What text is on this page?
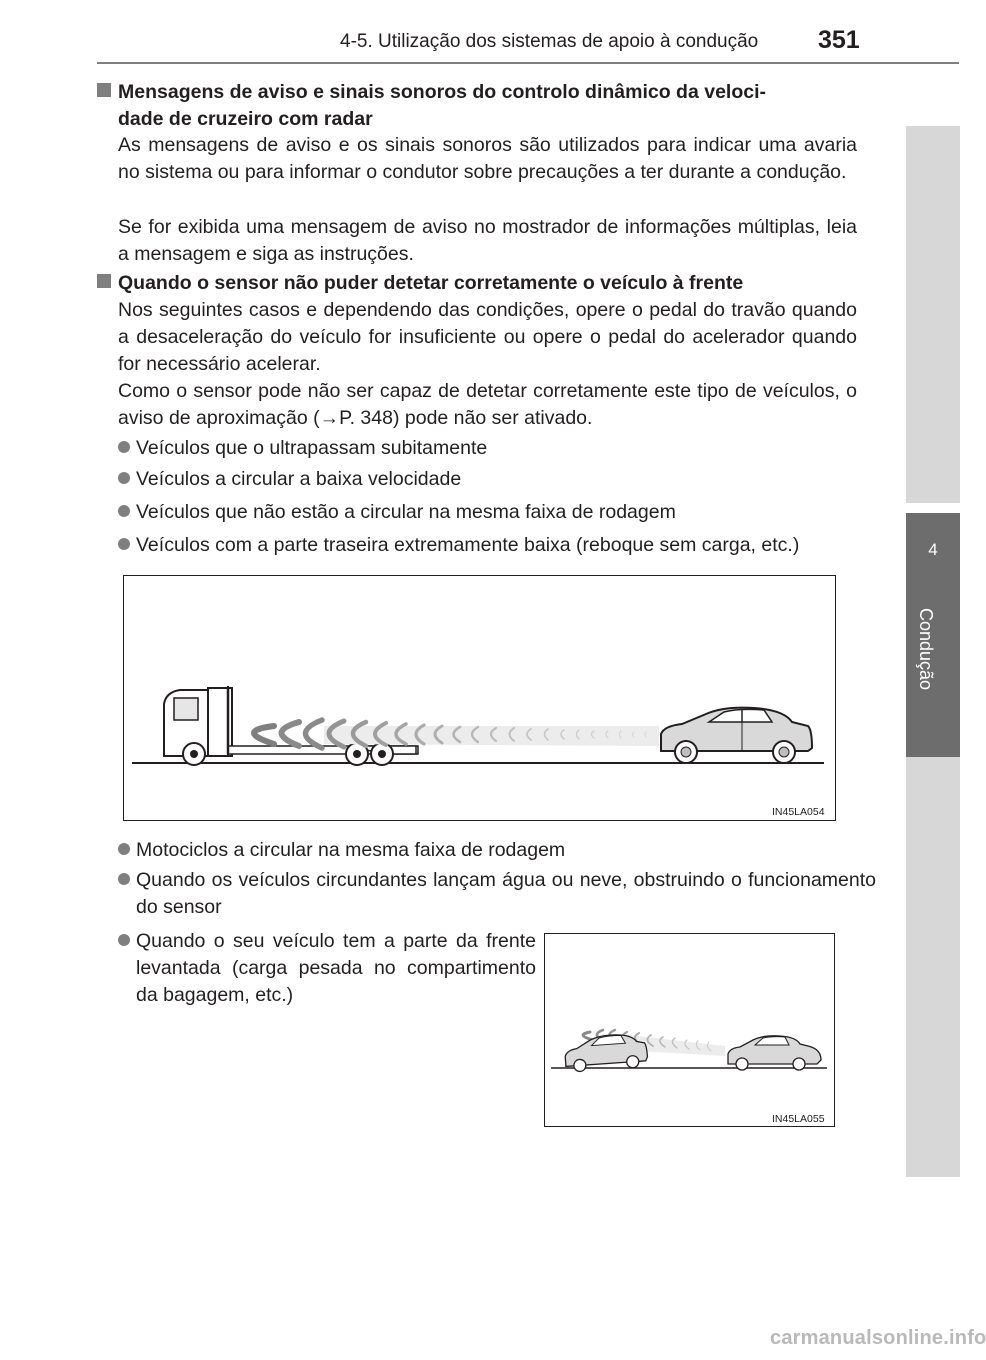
4-5. Utilização dos sistemas de apoio à condução 351
4
Condução
Mensagens de aviso e sinais sonoros do controlo dinâmico da veloci-
dade de cruzeiro com radar
As mensagens de aviso e os sinais sonoros são utilizados para indicar uma avaria no sistema ou para informar o condutor sobre precauções a ter durante a condução.
Se for exibida uma mensagem de aviso no mostrador de informações múltiplas, leia a mensagem e siga as instruções.
Quando o sensor não puder detetar corretamente o veículo à frente
Nos seguintes casos e dependendo das condições, opere o pedal do travão quando a desaceleração do veículo for insuficiente ou opere o pedal do acelerador quando for necessário acelerar.
Como o sensor pode não ser capaz de detetar corretamente este tipo de veículos, o aviso de aproximação (→P. 348) pode não ser ativado.
Veículos que o ultrapassam subitamente
Veículos a circular a baixa velocidade
Veículos que não estão a circular na mesma faixa de rodagem
Veículos com a parte traseira extremamente baixa (reboque sem carga, etc.)
IN45LA054
Motociclos a circular na mesma faixa de rodagem
Quando os veículos circundantes lançam água ou neve, obstruindo o funcionamento do sensor
Quando o seu veículo tem a parte da frente levantada (carga pesada no compartimento da bagagem, etc.)
IN45LA055
carmanualsonline.info
